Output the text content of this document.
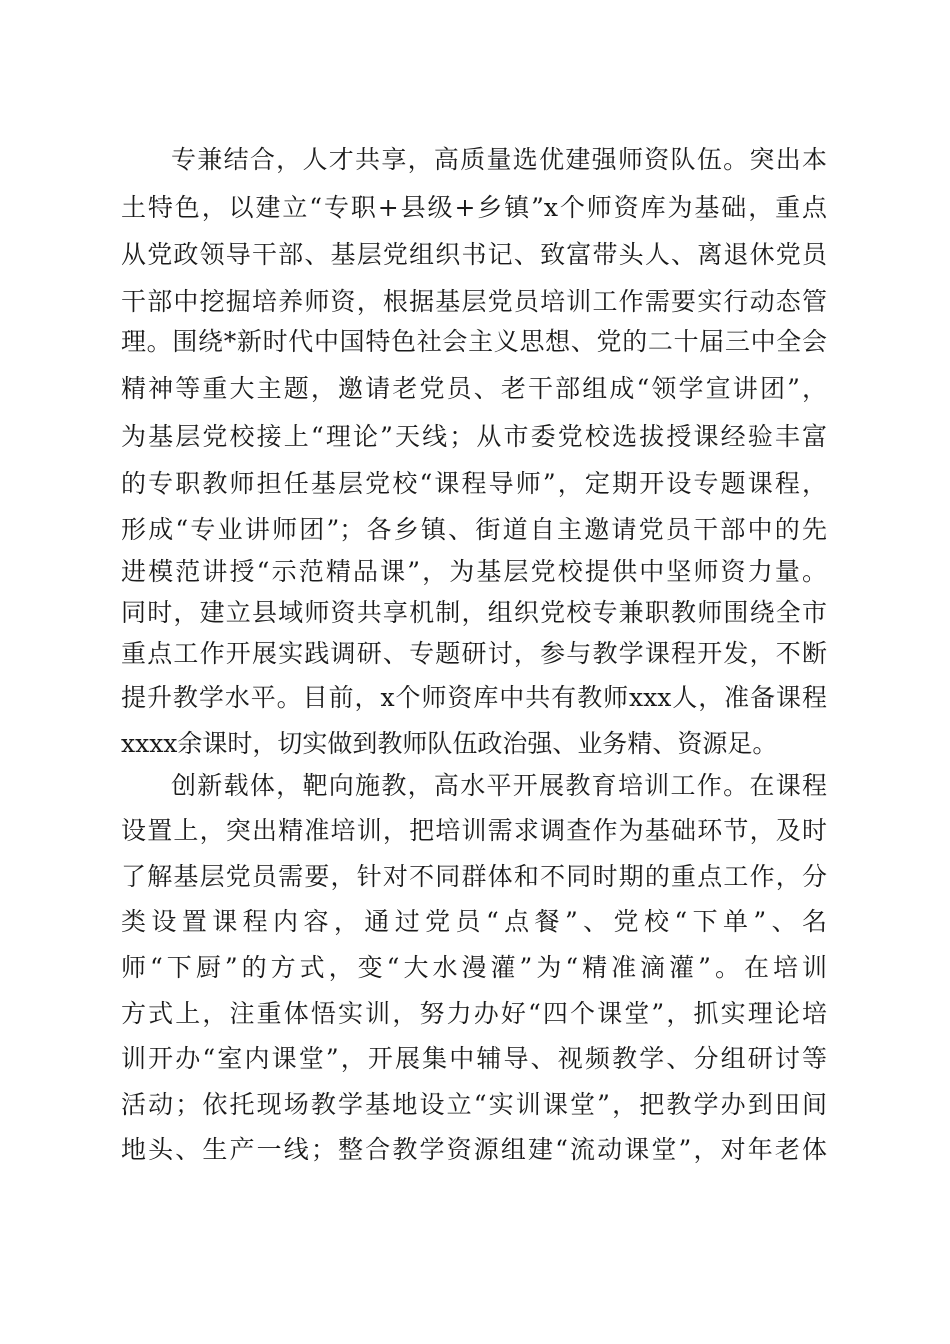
专兼结合，人才共享，高质量选优建强师资队伍。突出本
土特色，以建立“专职+县级+乡镇”x个师资库为基础，重点
从党政领导干部、基层党组织书记、致富带头人、离退休党员
干部中挖掘培养师资，根据基层党员培训工作需要实行动态管
理。围绕*新时代中国特色社会主义思想、党的二十届三中全会
精神等重大主题，邀请老党员、老干部组成“领学宣讲团”，
为基层党校接上“理论”天线；从市委党校选拔授课经验丰富
的专职教师担任基层党校“课程导师”，定期开设专题课程，
形成“专业讲师团”；各乡镇、街道自主邀请党员干部中的先
进模范讲授“示范精品课”，为基层党校提供中坚师资力量。
同时，建立县域师资共享机制，组织党校专兼职教师围绕全市
重点工作开展实践调研、专题研讨，参与教学课程开发，不断
提升教学水平。目前，x个师资库中共有教师xxx人，准备课程
xxxx余课时，切实做到教师队伍政治强、业务精、资源足。
创新载体，靶向施教，高水平开展教育培训工作。在课程
设置上，突出精准培训，把培训需求调查作为基础环节，及时
了解基层党员需要，针对不同群体和不同时期的重点工作，分
类设置课程内容，通过党员“点餐”、党校“下单”、名
师“下厨”的方式，变“大水漫灌”为“精准滴灌”。在培训
方式上，注重体悟实训，努力办好“四个课堂”，抓实理论培
训开办“室内课堂”，开展集中辅导、视频教学、分组研讨等
活动；依托现场教学基地设立“实训课堂”，把教学办到田间
地头、生产一线；整合教学资源组建“流动课堂”，对年老体
